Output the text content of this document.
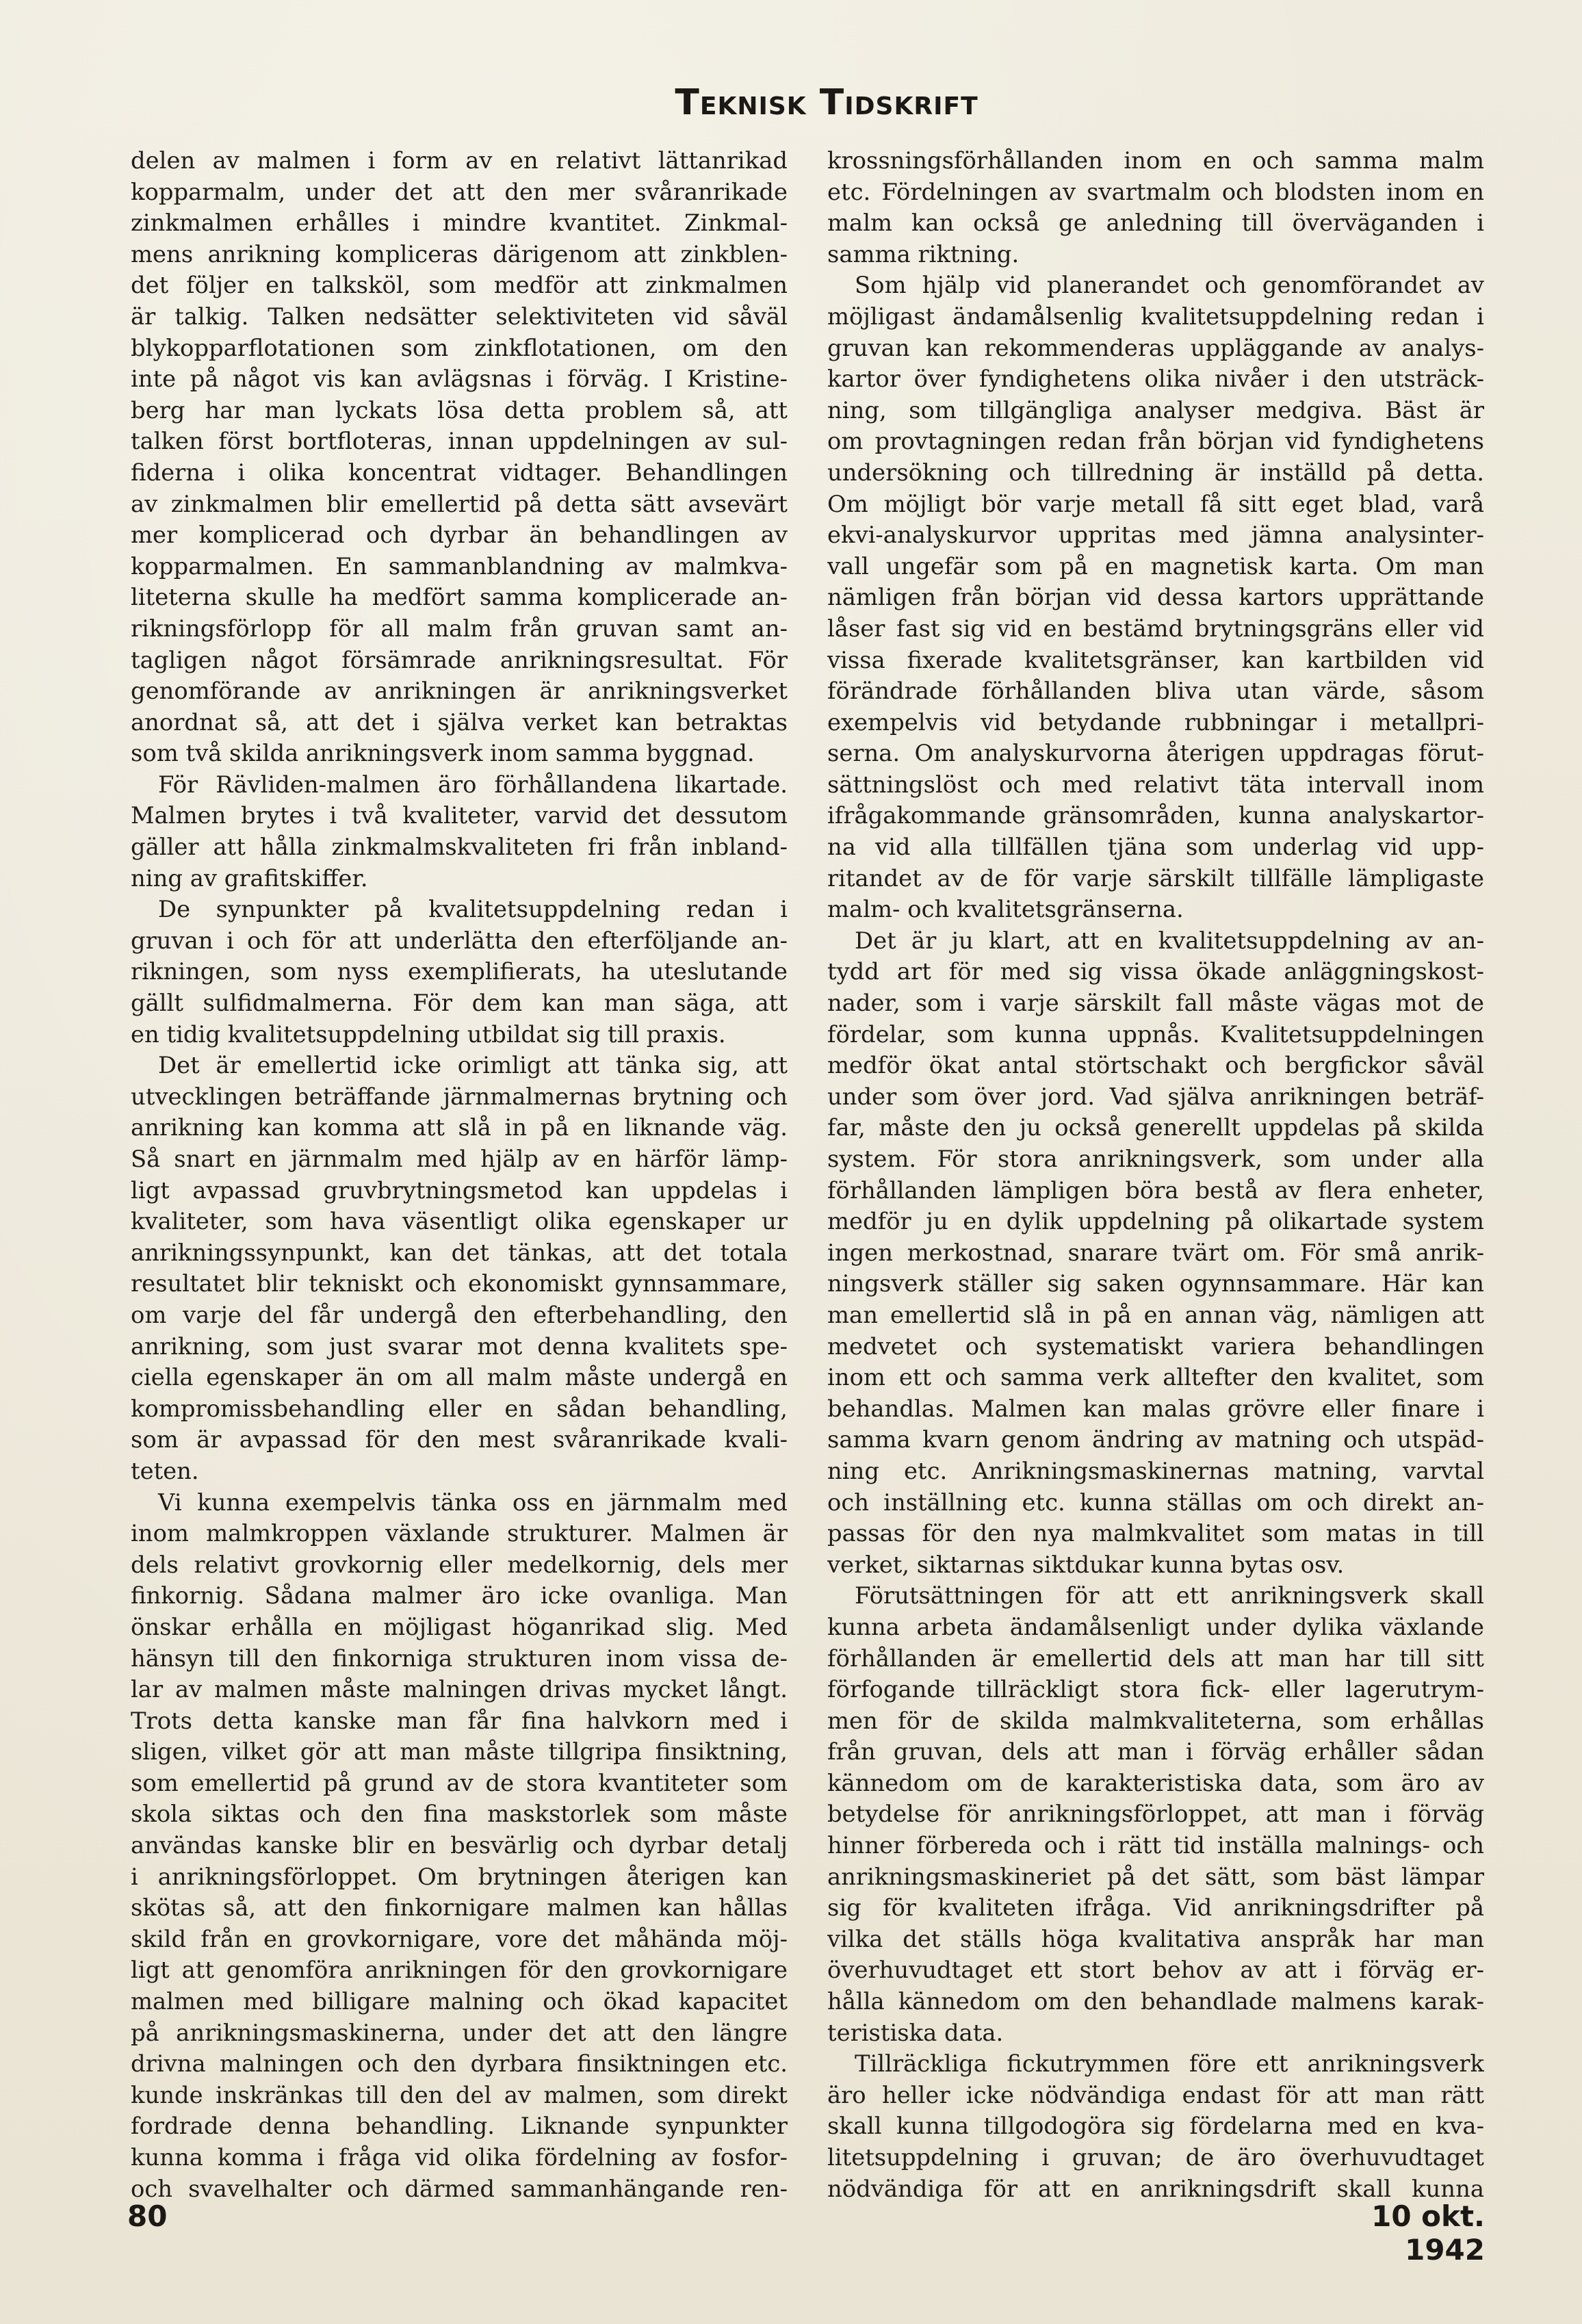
Teknisk Tidskrift
delen av malmen i form av en relativt lättanrikad
kopparmalm, under det att den mer svåranrikade
zinkmalmen erhålles i mindre kvantitet. Zinkmal-
mens anrikning kompliceras därigenom att zinkblen-
det följer en talksköl, som medför att zinkmalmen
är talkig. Talken nedsätter selektiviteten vid såväl
blykopparflotationen som zinkflotationen, om den
inte på något vis kan avlägsnas i förväg. I Kristine-
berg har man lyckats lösa detta problem så, att
talken först bortfloteras, innan uppdelningen av sul-
fiderna i olika koncentrat vidtager. Behandlingen
av zinkmalmen blir emellertid på detta sätt avsevärt
mer komplicerad och dyrbar än behandlingen av
kopparmalmen. En sammanblandning av malmkva-
liteterna skulle ha medfört samma komplicerade an-
rikningsförlopp för all malm från gruvan samt an-
tagligen något försämrade anrikningsresultat. För
genomförande av anrikningen är anrikningsverket
anordnat så, att det i själva verket kan betraktas
som två skilda anrikningsverk inom samma byggnad.
För Rävliden-malmen äro förhållandena likartade.
Malmen brytes i två kvaliteter, varvid det dessutom
gäller att hålla zinkmalmskvaliteten fri från inbland-
ning av grafitskiffer.
De synpunkter på kvalitetsuppdelning redan i
gruvan i och för att underlätta den efterföljande an-
rikningen, som nyss exemplifierats, ha uteslutande
gällt sulfidmalmerna. För dem kan man säga, att
en tidig kvalitetsuppdelning utbildat sig till praxis.
Det är emellertid icke orimligt att tänka sig, att
utvecklingen beträffande järnmalmernas brytning och
anrikning kan komma att slå in på en liknande väg.
Så snart en järnmalm med hjälp av en härför lämp-
ligt avpassad gruvbrytningsmetod kan uppdelas i
kvaliteter, som hava väsentligt olika egenskaper ur
anrikningssynpunkt, kan det tänkas, att det totala
resultatet blir tekniskt och ekonomiskt gynnsammare,
om varje del får undergå den efterbehandling, den
anrikning, som just svarar mot denna kvalitets spe-
ciella egenskaper än om all malm måste undergå en
kompromissbehandling eller en sådan behandling,
som är avpassad för den mest svåranrikade kvali-
teten.
Vi kunna exempelvis tänka oss en järnmalm med
inom malmkroppen växlande strukturer. Malmen är
dels relativt grovkornig eller medelkornig, dels mer
finkornig. Sådana malmer äro icke ovanliga. Man
önskar erhålla en möjligast höganrikad slig. Med
hänsyn till den finkorniga strukturen inom vissa de-
lar av malmen måste malningen drivas mycket långt.
Trots detta kanske man får fina halvkorn med i
sligen, vilket gör att man måste tillgripa finsiktning,
som emellertid på grund av de stora kvantiteter som
skola siktas och den fina maskstorlek som måste
användas kanske blir en besvärlig och dyrbar detalj
i anrikningsförloppet. Om brytningen återigen kan
skötas så, att den finkornigare malmen kan hållas
skild från en grovkornigare, vore det måhända möj-
ligt att genomföra anrikningen för den grovkornigare
malmen med billigare malning och ökad kapacitet
på anrikningsmaskinerna, under det att den längre
drivna malningen och den dyrbara finsiktningen etc.
kunde inskränkas till den del av malmen, som direkt
fordrade denna behandling. Liknande synpunkter
kunna komma i fråga vid olika fördelning av fosfor-
och svavelhalter och därmed sammanhängande ren-
krossningsförhållanden inom en och samma malm
etc. Fördelningen av svartmalm och blodsten inom en
malm kan också ge anledning till överväganden i
samma riktning.
Som hjälp vid planerandet och genomförandet av
möjligast ändamålsenlig kvalitetsuppdelning redan i
gruvan kan rekommenderas uppläggande av analys-
kartor över fyndighetens olika nivåer i den utsträck-
ning, som tillgängliga analyser medgiva. Bäst är
om provtagningen redan från början vid fyndighetens
undersökning och tillredning är inställd på detta.
Om möjligt bör varje metall få sitt eget blad, varå
ekvi-analyskurvor uppritas med jämna analysinter-
vall ungefär som på en magnetisk karta. Om man
nämligen från början vid dessa kartors upprättande
låser fast sig vid en bestämd brytningsgräns eller vid
vissa fixerade kvalitetsgränser, kan kartbilden vid
förändrade förhållanden bliva utan värde, såsom
exempelvis vid betydande rubbningar i metallpri-
serna. Om analyskurvorna återigen uppdragas förut-
sättningslöst och med relativt täta intervall inom
ifrågakommande gränsområden, kunna analyskartor-
na vid alla tillfällen tjäna som underlag vid upp-
ritandet av de för varje särskilt tillfälle lämpligaste
malm- och kvalitetsgränserna.
Det är ju klart, att en kvalitetsuppdelning av an-
tydd art för med sig vissa ökade anläggningskost-
nader, som i varje särskilt fall måste vägas mot de
fördelar, som kunna uppnås. Kvalitetsuppdelningen
medför ökat antal störtschakt och bergfickor såväl
under som över jord. Vad själva anrikningen beträf-
far, måste den ju också generellt uppdelas på skilda
system. För stora anrikningsverk, som under alla
förhållanden lämpligen böra bestå av flera enheter,
medför ju en dylik uppdelning på olikartade system
ingen merkostnad, snarare tvärt om. För små anrik-
ningsverk ställer sig saken ogynnsammare. Här kan
man emellertid slå in på en annan väg, nämligen att
medvetet och systematiskt variera behandlingen
inom ett och samma verk alltefter den kvalitet, som
behandlas. Malmen kan malas grövre eller finare i
samma kvarn genom ändring av matning och utspäd-
ning etc. Anrikningsmaskinernas matning, varvtal
och inställning etc. kunna ställas om och direkt an-
passas för den nya malmkvalitet som matas in till
verket, siktarnas siktdukar kunna bytas osv.
Förutsättningen för att ett anrikningsverk skall
kunna arbeta ändamålsenligt under dylika växlande
förhållanden är emellertid dels att man har till sitt
förfogande tillräckligt stora fick- eller lagerutrym-
men för de skilda malmkvaliteterna, som erhållas
från gruvan, dels att man i förväg erhåller sådan
kännedom om de karakteristiska data, som äro av
betydelse för anrikningsförloppet, att man i förväg
hinner förbereda och i rätt tid inställa malnings- och
anrikningsmaskineriet på det sätt, som bäst lämpar
sig för kvaliteten ifråga. Vid anrikningsdrifter på
vilka det ställs höga kvalitativa anspråk har man
överhuvudtaget ett stort behov av att i förväg er-
hålla kännedom om den behandlade malmens karak-
teristiska data.
Tillräckliga fickutrymmen före ett anrikningsverk
äro heller icke nödvändiga endast för att man rätt
skall kunna tillgodogöra sig fördelarna med en kva-
litetsuppdelning i gruvan; de äro överhuvudtaget
nödvändiga för att en anrikningsdrift skall kunna
80	10 okt. 1942
